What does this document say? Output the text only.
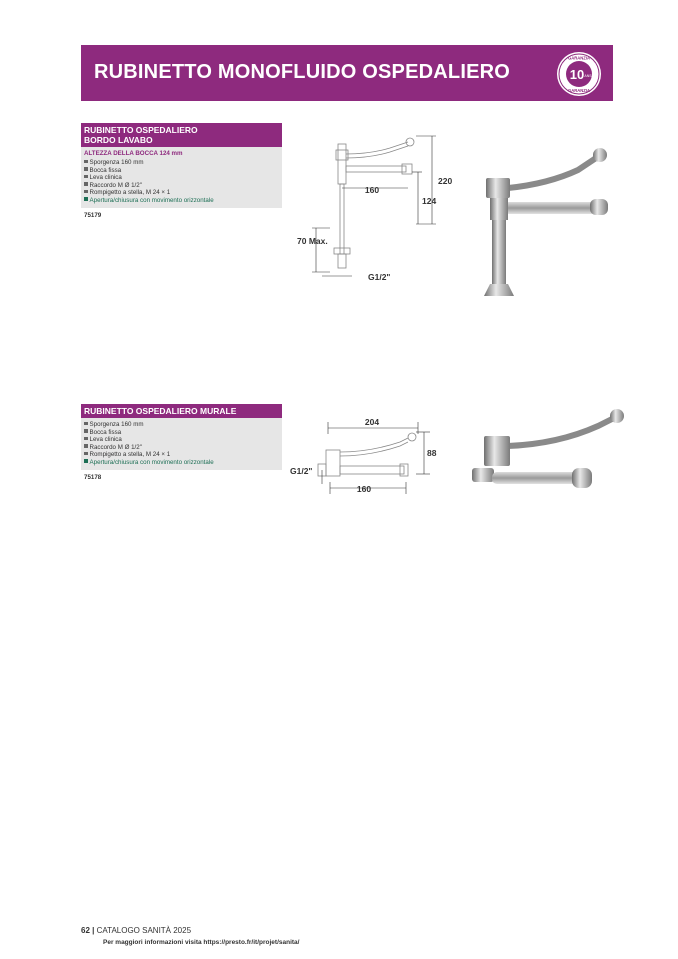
RUBINETTO MONOFLUIDO OSPEDALIERO	10 ANS
GARANZIA
GARANZIA
RUBINETTO OSPEDALIERO
BORDO LAVABO
ALTEZZA DELLA BOCCA 124 mm
Sporgenza 160 mm
Bocca fissa
Leva clinica
Raccordo M Ø 1/2"
Rompigetto a stella, M 24 × 1
Apertura/chiusura con movimento orizzontale
75179
160
220
124
70 Max.
G1/2"
RUBINETTO OSPEDALIERO MURALE
Sporgenza 160 mm
Bocca fissa
Leva clinica
Raccordo M Ø 1/2"
Rompigetto a stella, M 24 × 1
Apertura/chiusura con movimento orizzontale
75178
204
160
88
G1/2"
62 | CATALOGO SANITÀ 2025
Per maggiori informazioni visita https://presto.fr/it/projet/sanita/
